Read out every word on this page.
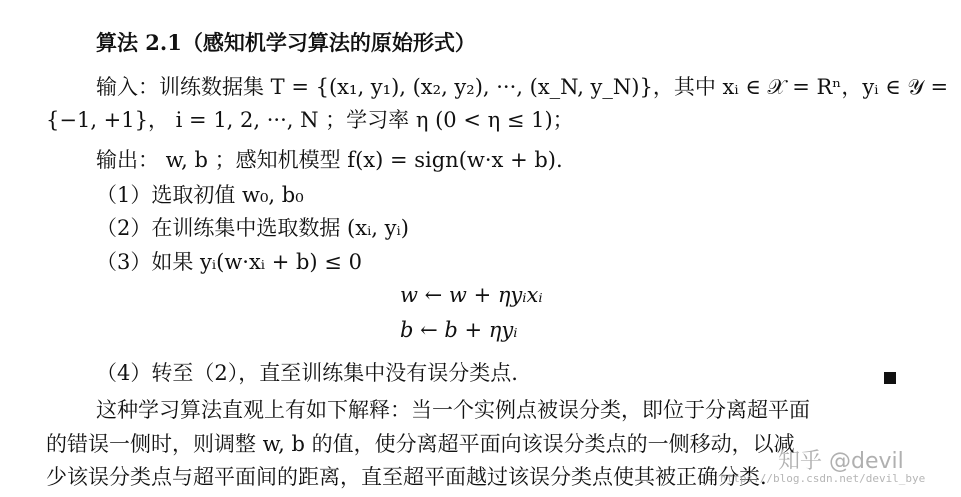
算法 2.1（感知机学习算法的原始形式）
输入：训练数据集 T = {(x₁, y₁), (x₂, y₂), ···, (x_N, y_N)}，其中 xᵢ ∈ 𝒳 = Rⁿ，yᵢ ∈ 𝒴 =
{−1, +1}， i = 1, 2, ···, N ；学习率 η (0 < η ≤ 1)；
输出： w, b ；感知机模型 f(x) = sign(w·x + b).
（1）选取初值 w₀, b₀
（2）在训练集中选取数据 (xᵢ, yᵢ)
（3）如果 yᵢ(w·xᵢ + b) ≤ 0
w ← w + ηyᵢxᵢ
b ← b + ηyᵢ
（4）转至（2），直至训练集中没有误分类点.
这种学习算法直观上有如下解释：当一个实例点被误分类，即位于分离超平面
的错误一侧时，则调整 w, b 的值，使分离超平面向该误分类点的一侧移动，以减
少该误分类点与超平面间的距离，直至超平面越过该误分类点使其被正确分类.
知乎 @devil
https://blog.csdn.net/devil_bye
